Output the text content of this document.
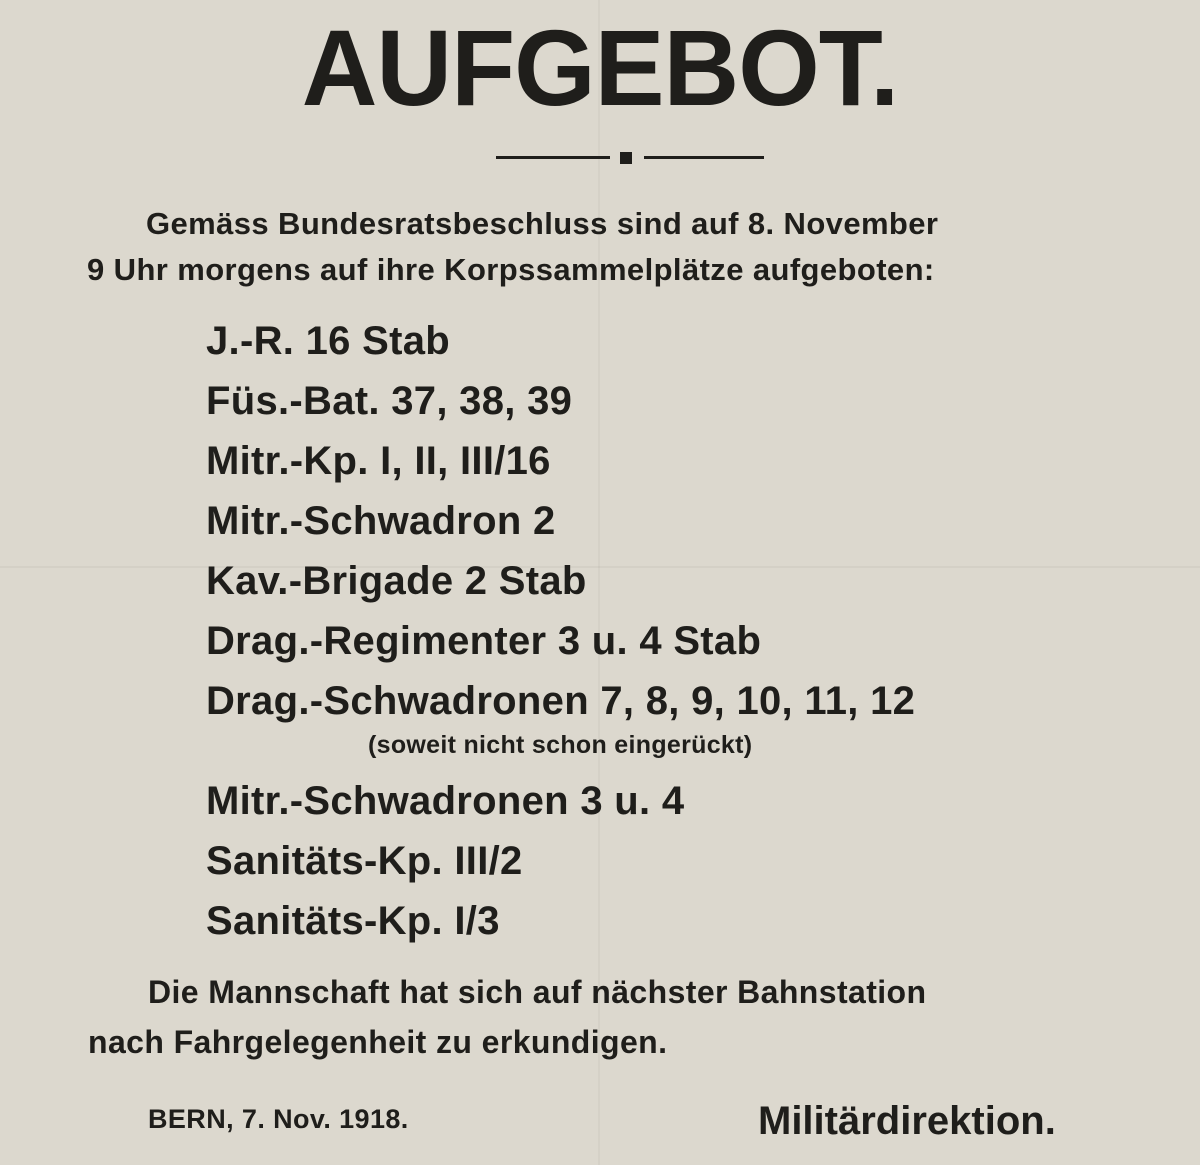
AUFGEBOT.
Gemäss Bundesratsbeschluss sind auf 8. November
9 Uhr morgens auf ihre Korpssammelplätze aufgeboten:
J.-R. 16 Stab
Füs.-Bat. 37, 38, 39
Mitr.-Kp. I, II, III/16
Mitr.-Schwadron 2
Kav.-Brigade 2 Stab
Drag.-Regimenter 3 u. 4 Stab
Drag.-Schwadronen 7, 8, 9, 10, 11, 12
Mitr.-Schwadronen 3 u. 4
Sanitäts-Kp. III/2
Sanitäts-Kp. I/3
(soweit nicht schon eingerückt)
Die Mannschaft hat sich auf nächster Bahnstation
nach Fahrgelegenheit zu erkundigen.
BERN, 7. Nov. 1918.	Militärdirektion.
